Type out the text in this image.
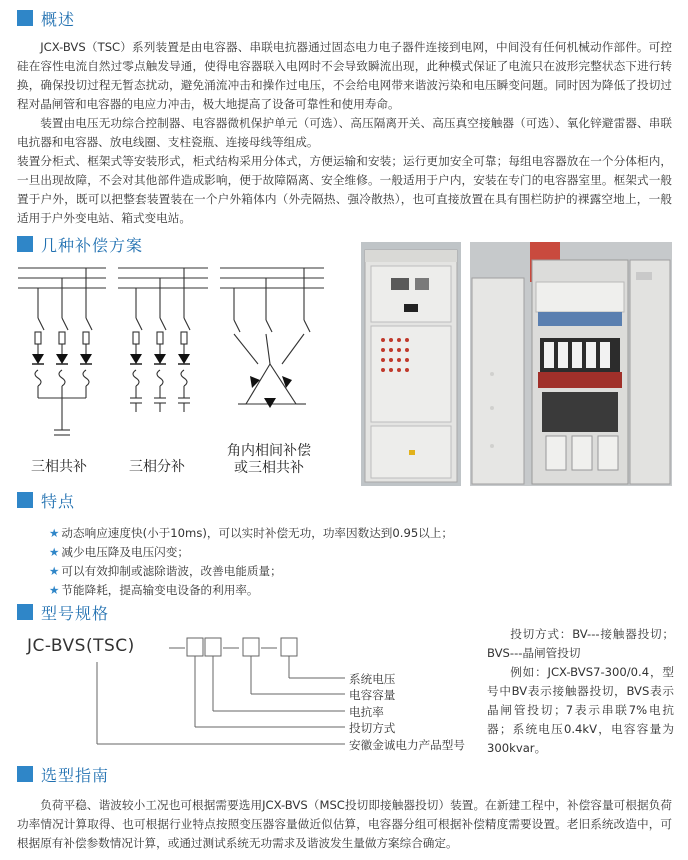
概述

JCX-BVS（TSC）系列装置是由电容器、串联电抗器通过固态电力电子器件连接到电网，中间没有任何机械动作部件。可控硅在容性电流自然过零点触发导通，使得电容器联入电网时不会导致瞬流出现，此种模式保证了电流只在波形完整状态下进行转换，确保投切过程无暂态扰动，避免涌流冲击和操作过电压，不会给电网带来谐波污染和电压瞬变问题。同时因为降低了投切过程对晶闸管和电容器的电应力冲击，极大地提高了设备可靠性和使用寿命。

装置由电压无功综合控制器、电容器微机保护单元（可选）、高压隔离开关、高压真空接触器（可选）、氧化锌避雷器、串联电抗器和电容器、放电线圈、支柱瓷瓶、连接母线等组成。

装置分柜式、框架式等安装形式，柜式结构采用分体式，方便运输和安装；运行更加安全可靠；每组电容器放在一个分体柜内，一旦出现故障，不会对其他部件造成影响，便于故障隔离、安全维修。一般适用于户内，安装在专门的电容器室里。框架式一般置于户外，既可以把整套装置装在一个户外箱体内（外壳隔热、强冷散热），也可直接放置在具有围栏防护的裸露空地上，一般适用于户外变电站、箱式变电站。

几种补偿方案
三相共补	三相分补
角内相间补偿
或三相共补
特点
★ 动态响应速度快(小于10ms)，可以实时补偿无功，功率因数达到0.95以上；
★ 减少电压降及电压闪变；
★ 可以有效抑制或滤除谐波，改善电能质量；
★ 节能降耗，提高输变电设备的利用率。
型号规格
JC-BVS(TSC)
系统电压
电容容量
电抗率
投切方式
安徽金诚电力产品型号

投切方式：BV---接触器投切；BVS---晶闸管投切

例如：JCX-BVS7-300/0.4，型号中BV表示接触器投切，BVS表示晶闸管投切；7表示串联7%电抗器；系统电压0.4kV，电容容量为300kvar。

选型指南

负荷平稳、谐波较小工况也可根据需要选用JCX-BVS（MSC投切即接触器投切）装置。在新建工程中，补偿容量可根据负荷功率情况计算取得、也可根据行业特点按照变压器容量做近似估算，电容器分组可根据补偿精度需要设置。老旧系统改造中，可根据原有补偿参数情况计算，或通过测试系统无功需求及谐波发生量做方案综合确定。
